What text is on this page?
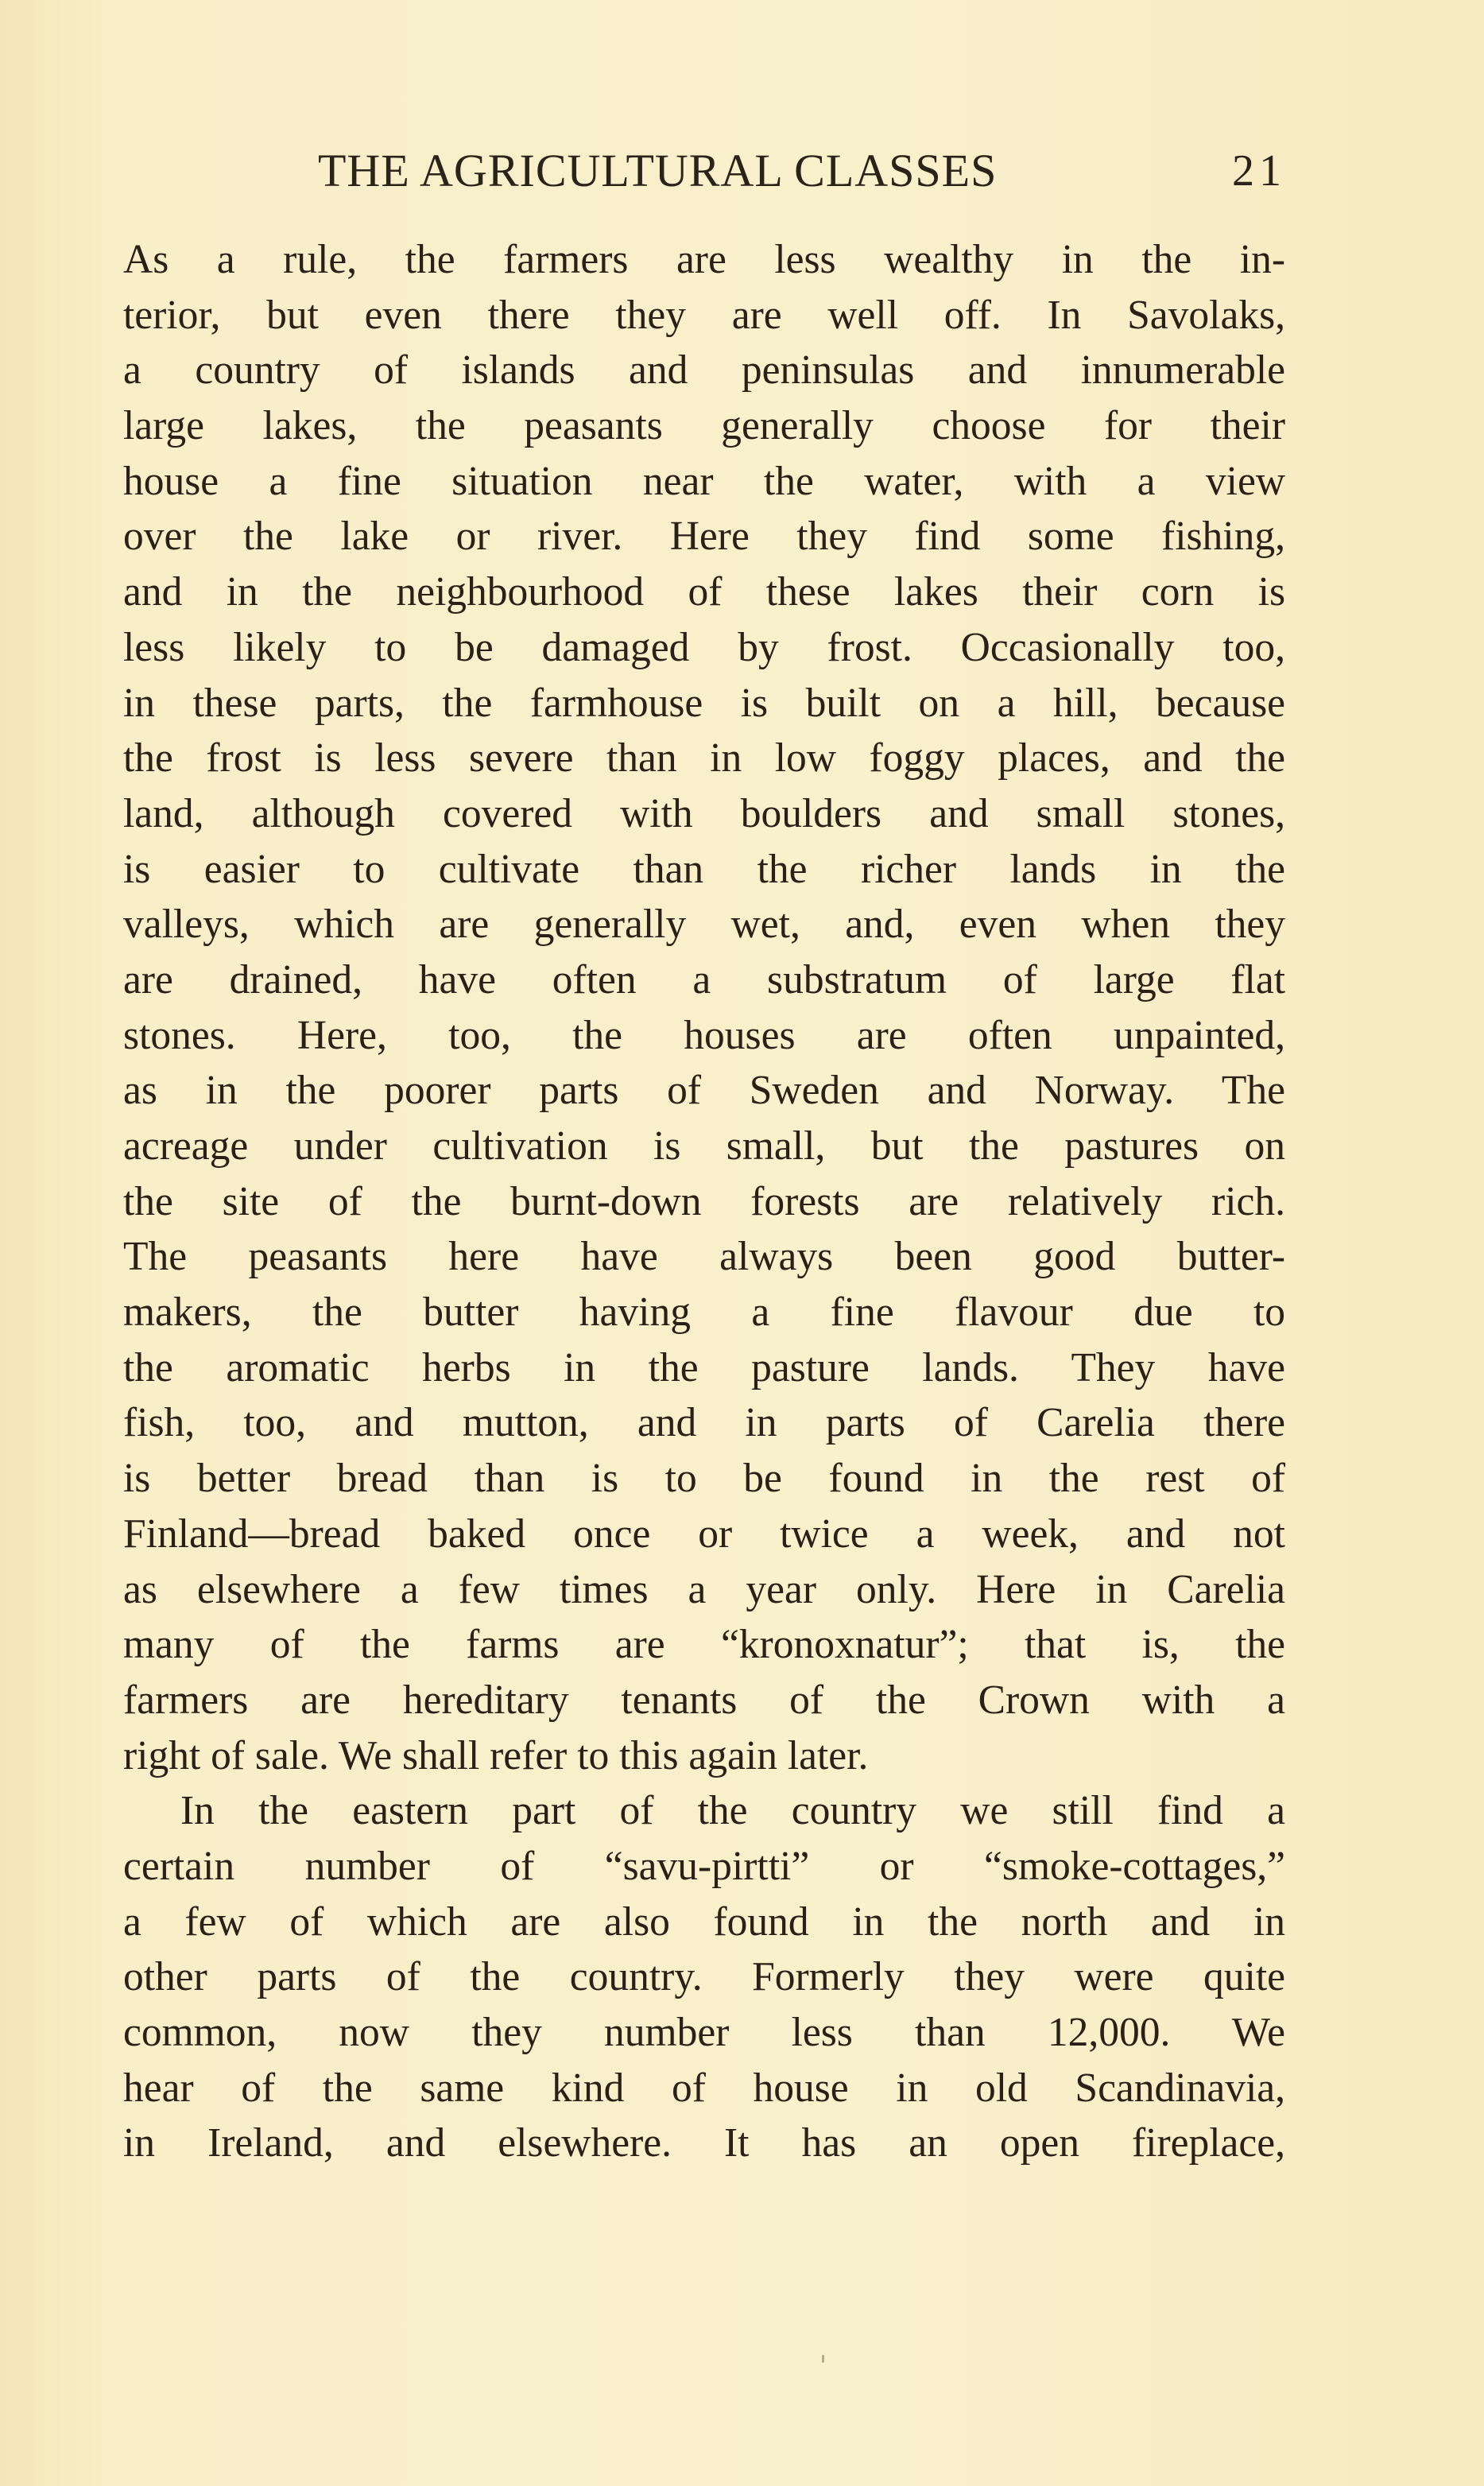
THE AGRICULTURAL CLASSES	21
As a rule, the farmers are less wealthy in the in-
terior, but even there they are well off. In Savolaks,
a country of islands and peninsulas and innumerable
large lakes, the peasants generally choose for their
house a fine situation near the water, with a view
over the lake or river. Here they find some fishing,
and in the neighbourhood of these lakes their corn is
less likely to be damaged by frost. Occasionally too,
in these parts, the farmhouse is built on a hill, because
the frost is less severe than in low foggy places, and the
land, although covered with boulders and small stones,
is easier to cultivate than the richer lands in the
valleys, which are generally wet, and, even when they
are drained, have often a substratum of large flat
stones. Here, too, the houses are often unpainted,
as in the poorer parts of Sweden and Norway. The
acreage under cultivation is small, but the pastures on
the site of the burnt-down forests are relatively rich.
The peasants here have always been good butter-
makers, the butter having a fine flavour due to
the aromatic herbs in the pasture lands. They have
fish, too, and mutton, and in parts of Carelia there
is better bread than is to be found in the rest of
Finland—bread baked once or twice a week, and not
as elsewhere a few times a year only. Here in Carelia
many of the farms are “kronoxnatur”; that is, the
farmers are hereditary tenants of the Crown with a
right of sale. We shall refer to this again later.
In the eastern part of the country we still find a
certain number of “savu-pirtti” or “smoke-cottages,”
a few of which are also found in the north and in
other parts of the country. Formerly they were quite
common, now they number less than 12,000. We
hear of the same kind of house in old Scandinavia,
in Ireland, and elsewhere. It has an open fireplace,
